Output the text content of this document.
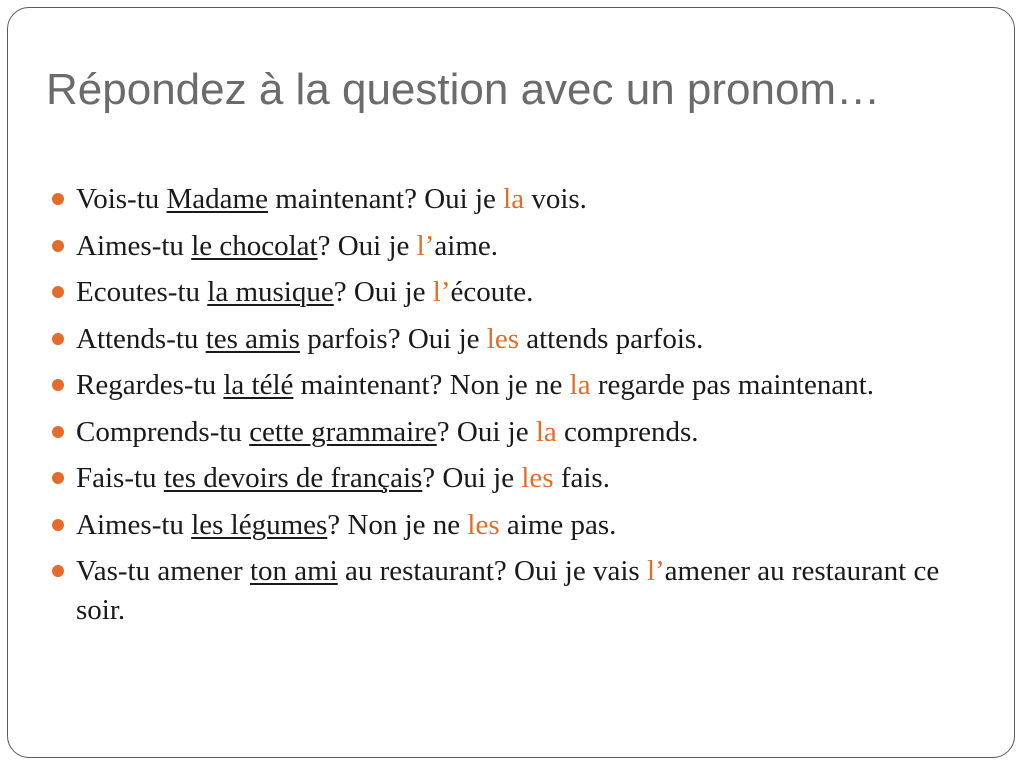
Répondez à la question avec un pronom…
Vois-tu Madame maintenant? Oui je la vois.
Aimes-tu le chocolat? Oui je l’aime.
Ecoutes-tu la musique? Oui je l’écoute.
Attends-tu tes amis parfois? Oui je les attends parfois.
Regardes-tu la télé maintenant? Non je ne la regarde pas maintenant.
Comprends-tu cette grammaire? Oui je la comprends.
Fais-tu tes devoirs de français? Oui je les fais.
Aimes-tu les légumes? Non je ne les aime pas.
Vas-tu amener ton ami au restaurant? Oui je vais l’amener au restaurant ce soir.
